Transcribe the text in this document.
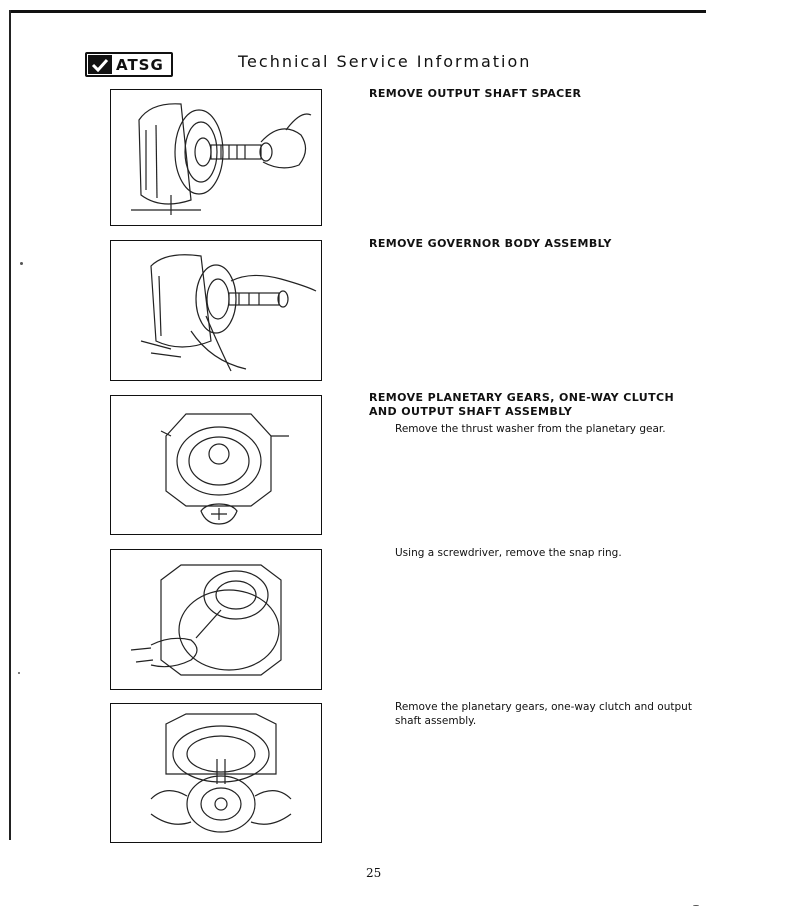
ATSG	Technical Service Information
REMOVE OUTPUT SHAFT SPACER
REMOVE GOVERNOR BODY ASSEMBLY
REMOVE PLANETARY GEARS, ONE-WAY CLUTCH AND OUTPUT SHAFT ASSEMBLY
Remove the thrust washer from the planetary gear.
Using a screwdriver, remove the snap ring.
Remove the planetary gears, one-way clutch and output shaft assembly.
25
